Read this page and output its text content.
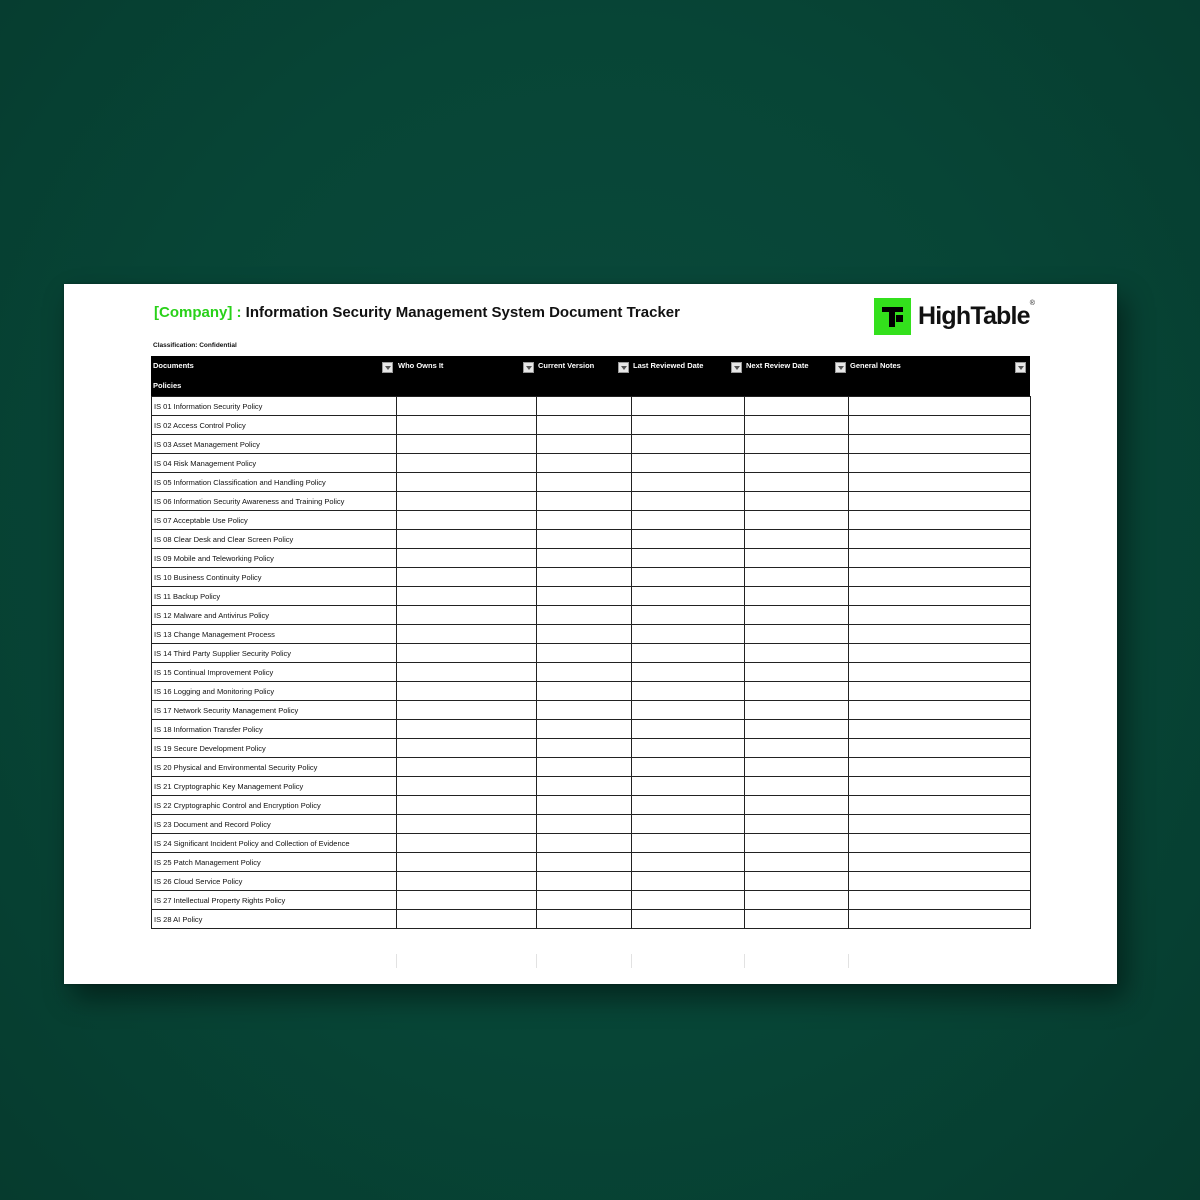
[Company] : Information Security Management System Document Tracker
Classification: Confidential
HighTable®
Documents	Who Owns It	Current Version	Last Reviewed Date	Next Review Date	General Notes
Policies
IS 01 Information Security Policy					
IS 02 Access Control Policy					
IS 03 Asset Management Policy					
IS 04 Risk Management Policy					
IS 05 Information Classification and Handling Policy					
IS 06 Information Security Awareness and Training Policy					
IS 07 Acceptable Use Policy					
IS 08 Clear Desk and Clear Screen Policy					
IS 09 Mobile and Teleworking Policy					
IS 10 Business Continuity Policy					
IS 11 Backup Policy					
IS 12 Malware and Antivirus Policy					
IS 13 Change Management Process					
IS 14 Third Party Supplier Security Policy					
IS 15 Continual Improvement Policy					
IS 16 Logging and Monitoring Policy					
IS 17 Network Security Management Policy					
IS 18 Information Transfer Policy					
IS 19 Secure Development Policy					
IS 20 Physical and Environmental Security Policy					
IS 21 Cryptographic Key Management Policy					
IS 22 Cryptographic Control and Encryption Policy					
IS 23 Document and Record Policy					
IS 24 Significant Incident Policy and Collection of Evidence					
IS 25 Patch Management Policy					
IS 26 Cloud Service Policy					
IS 27 Intellectual Property Rights Policy					
IS 28 AI Policy					
